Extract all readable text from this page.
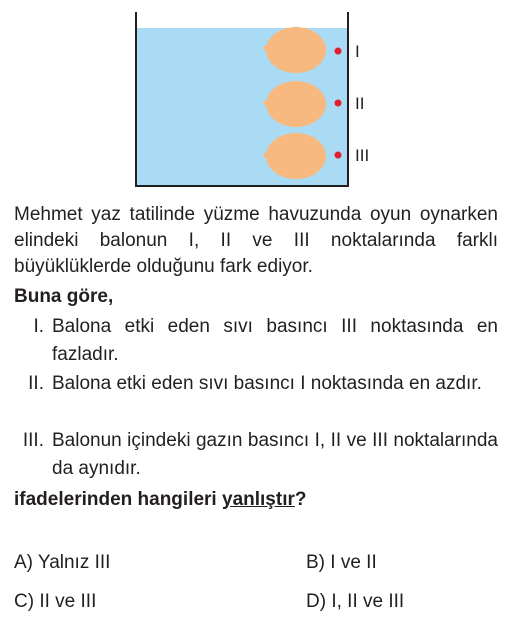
I
II
III
Mehmet yaz tatilinde yüzme havuzunda oyun oynarken elindeki balonun I, II ve III noktalarında farklı büyüklüklerde olduğunu fark ediyor.
Buna göre,
I. Balona etki eden sıvı basıncı III noktasında en fazladır.
II. Balona etki eden sıvı basıncı I noktasında en azdır.
III. Balonun içindeki gazın basıncı I, II ve III noktalarında da aynıdır.
ifadelerinden hangileri yanlıştır?
A) Yalnız III	B) I ve II
C) II ve III	D) I, II ve III
